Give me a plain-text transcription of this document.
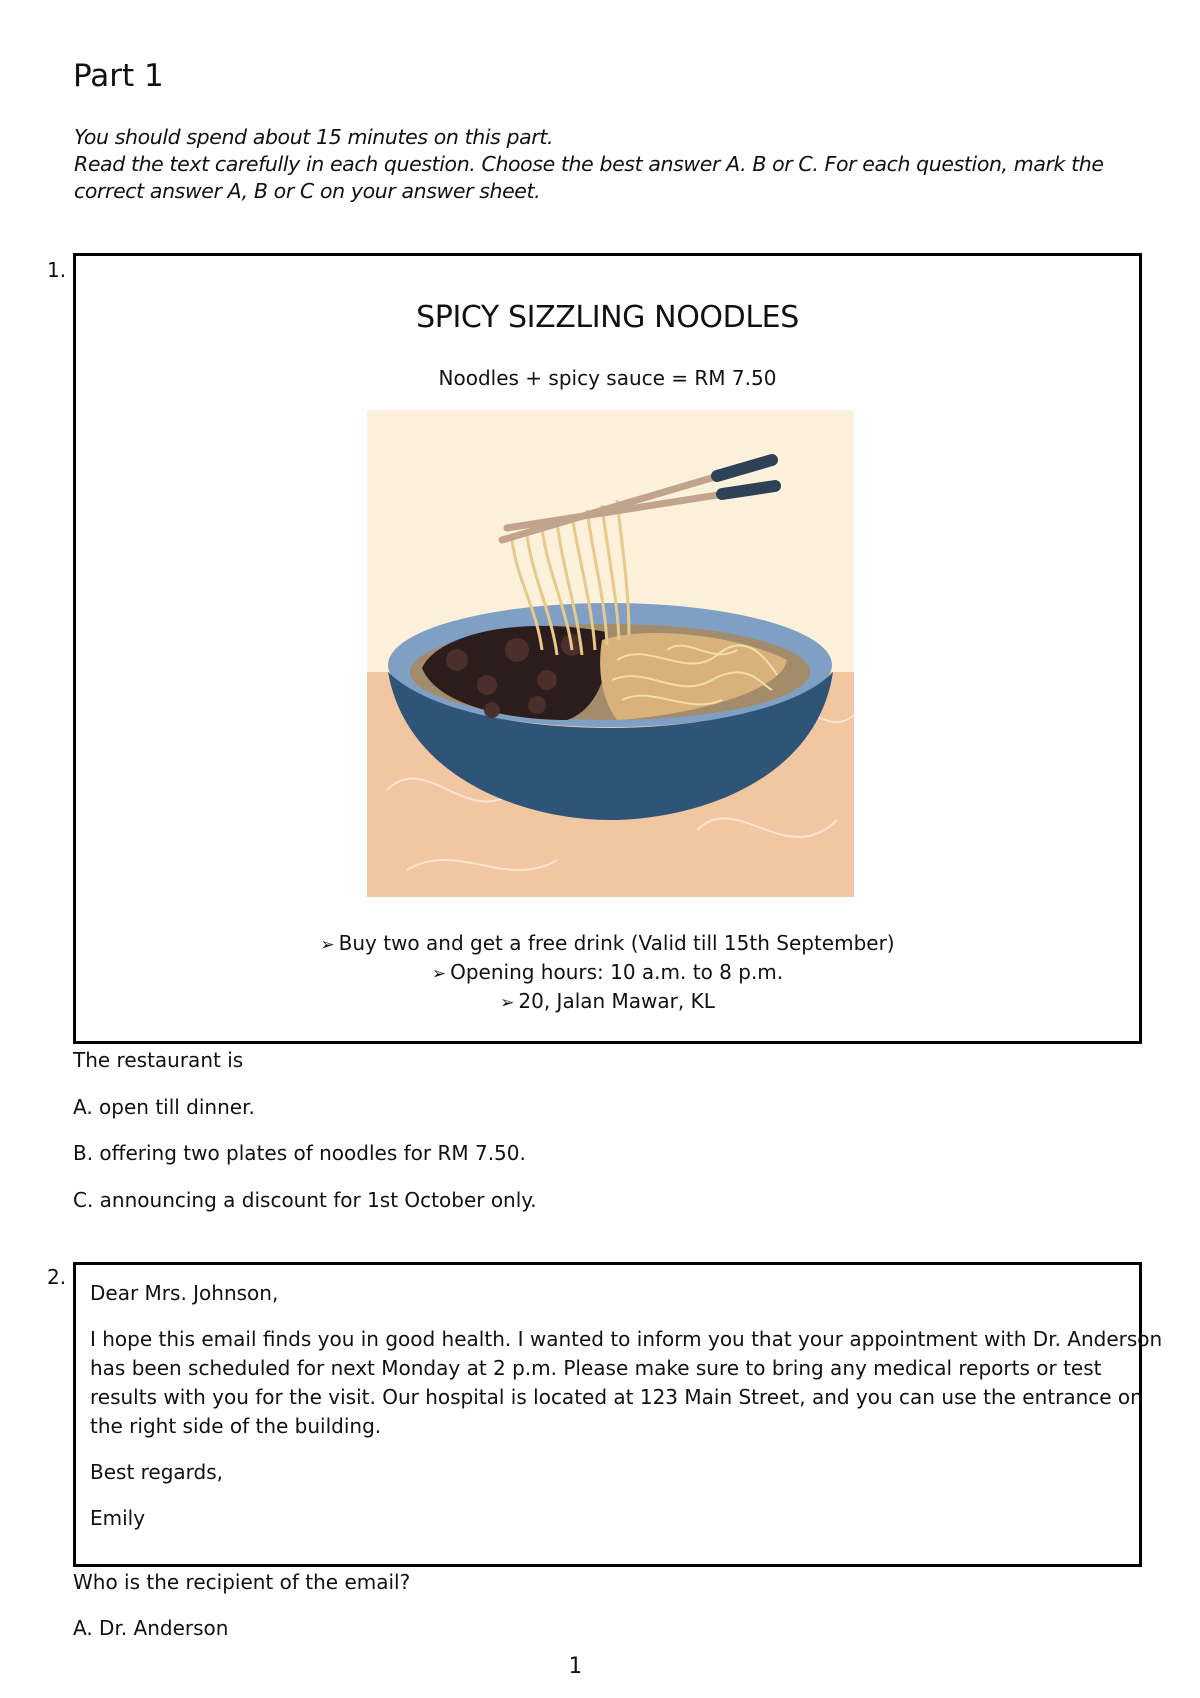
Part 1
You should spend about 15 minutes on this part.
Read the text carefully in each question. Choose the best answer A. B or C. For each question, mark the
correct answer A, B or C on your answer sheet.
1.
SPICY SIZZLING NOODLES
Noodles + spicy sauce = RM 7.50
➢ Buy two and get a free drink (Valid till 15th September)
➢ Opening hours: 10 a.m. to 8 p.m.
➢ 20, Jalan Mawar, KL
The restaurant is
A. open till dinner.
B. offering two plates of noodles for RM 7.50.
C. announcing a discount for 1st October only.
2.

Dear Mrs. Johnson,

I hope this email finds you in good health. I wanted to inform you that your appointment with Dr. Anderson
has been scheduled for next Monday at 2 p.m. Please make sure to bring any medical reports or test
results with you for the visit. Our hospital is located at 123 Main Street, and you can use the entrance on
the right side of the building.

Best regards,

Emily

Who is the recipient of the email?
A. Dr. Anderson
1
